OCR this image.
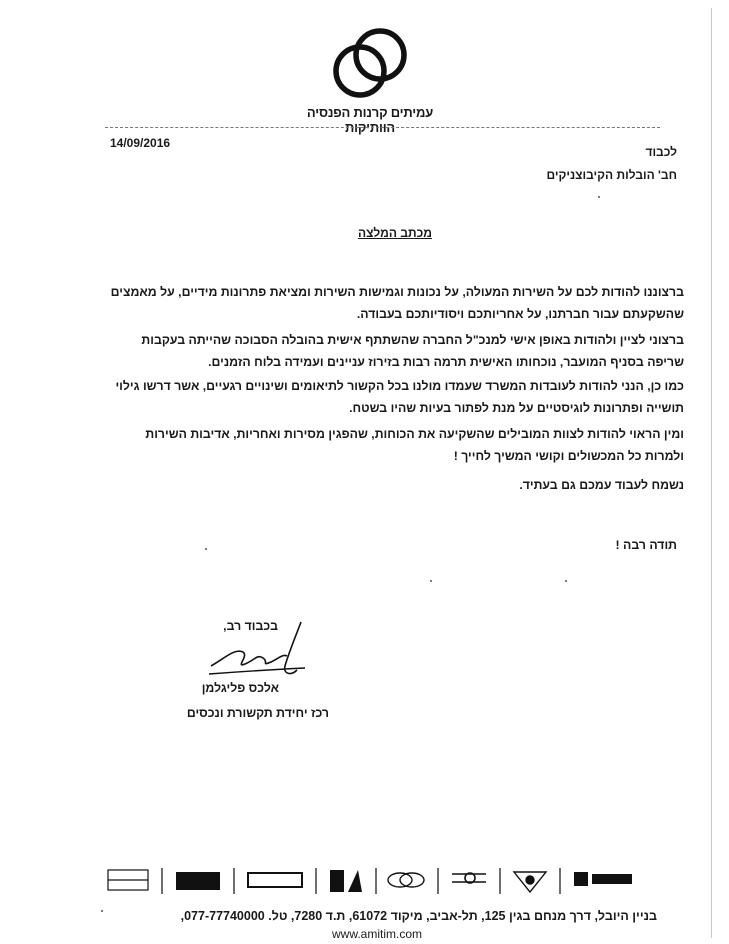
עמיתים קרנות הפנסיה הוותיקות
14/09/2016
לכבוד
חב' הובלות הקיבוצניקים
מכתב המלצה
ברצוננו להודות לכם על השירות המעולה, על נכונות וגמישות השירות ומציאת פתרונות מידיים, על מאמצים שהשקעתם עבור חברתנו, על אחריותכם ויסודיותכם בעבודה.
ברצוני לציין ולהודות באופן אישי למנכ"ל החברה שהשתתף אישית בהובלה הסבוכה שהייתה בעקבות שריפה בסניף המועבר, נוכחותו האישית תרמה רבות בזירוז עניינים ועמידה בלוח הזמנים.
כמו כן, הנני להודות לעובדות המשרד שעמדו מולנו בכל הקשור לתיאומים ושינויים רגעיים, אשר דרשו גילוי תושייה ופתרונות לוגיסטיים על מנת לפתור בעיות שהיו בשטח.
ומין הראוי להודות לצוות המובילים שהשקיעה את הכוחות, שהפגין מסירות ואחריות, אדיבות השירות ולמרות כל המכשולים וקושי המשיך לחייך !
נשמח לעבוד עמכם גם בעתיד.
תודה רבה !
בכבוד רב,
אלכס פליגלמן
רכז יחידת תקשורת ונכסים
בניין היובל, דרך מנחם בגין 125, תל-אביב, מיקוד 61072, ת.ד 7280, טל. 077-77740000,
www.amitim.com
